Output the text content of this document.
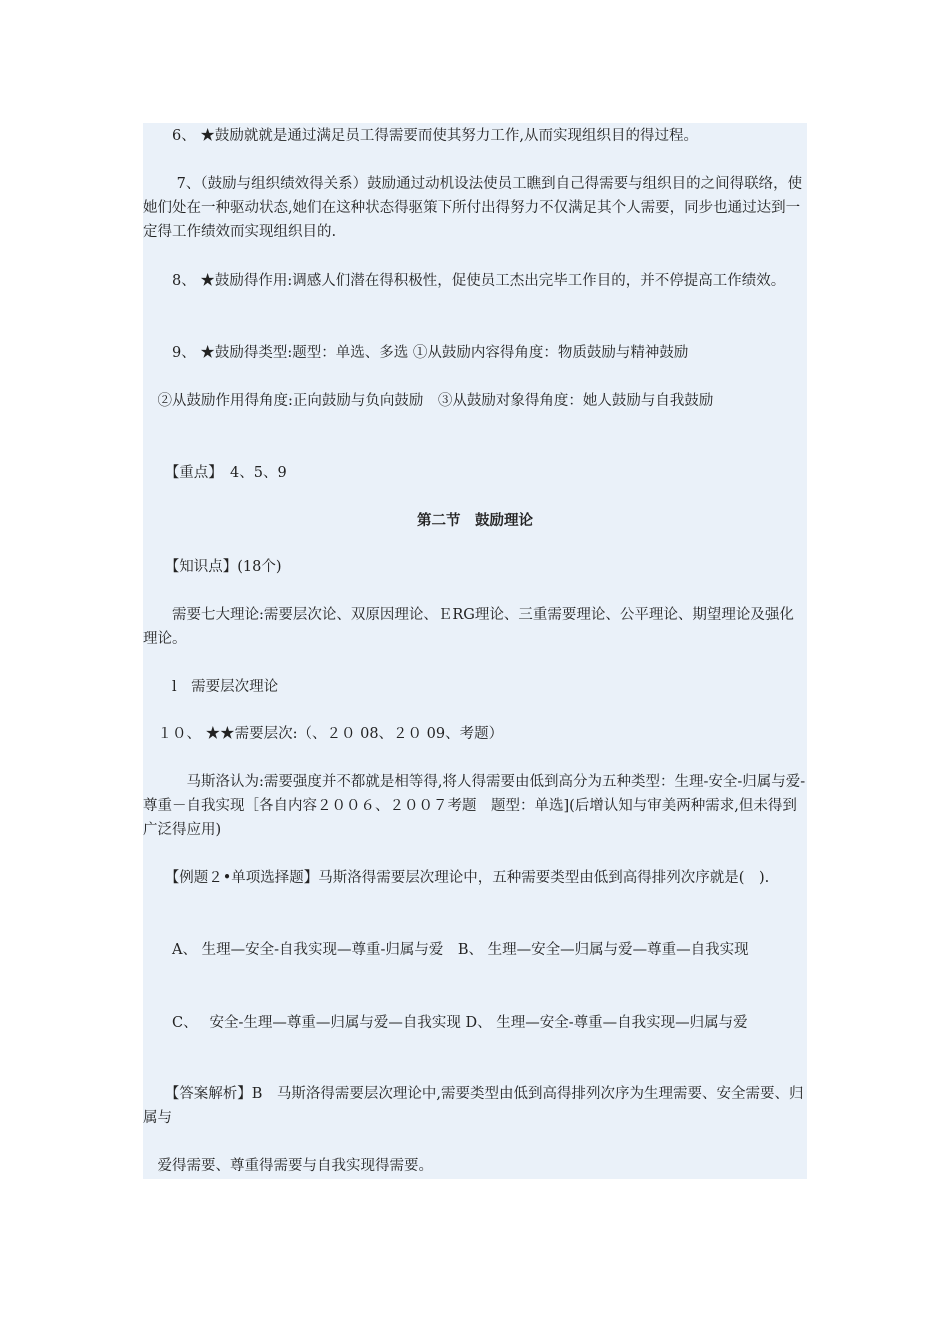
　　6、 ★鼓励就就是通过满足员工得需要而使其努力工作,从而实现组织目的得过程。

　　 7、（鼓励与组织绩效得关系）鼓励通过动机设法使员工瞧到自己得需要与组织目的之间得联络，使她们处在一种驱动状态,她们在这种状态得驱策下所付出得努力不仅满足其个人需要，同步也通过达到一定得工作绩效而实现组织目的.

　　8、 ★鼓励得作用:调感人们潜在得积极性，促使员工杰出完毕工作目的，并不停提高工作绩效。

　　9、 ★鼓励得类型:题型：单选、多选 ①从鼓励内容得角度：物质鼓励与精神鼓励

　②从鼓励作用得角度:正向鼓励与负向鼓励　③从鼓励对象得角度：她人鼓励与自我鼓励

　　【重点】　4、5、9

第二节　鼓励理论

　　【知识点】(18个)

　　需要七大理论:需要层次论、双原因理论、ＥRG理论、三重需要理论、公平理论、期望理论及强化理论。

　　l　需要层次理论

　１０、 ★★需要层次:（、２０ 08、２０ 09、考题）

　　　马斯洛认为:需要强度并不都就是相等得,将人得需要由低到高分为五种类型：生理-安全-归属与爱-尊重－自我实现［各自内容２００６、２００７考题　题型：单选](后增认知与审美两种需求,但未得到广泛得应用)

　　【例题２•单项选择题】马斯洛得需要层次理论中，五种需要类型由低到高得排列次序就是(　).

　　A、 生理—安全-自我实现—尊重-归属与爱　B、 生理—安全—归属与爱—尊重—自我实现

　　C、　 安全-生理—尊重—归属与爱—自我实现 D、 生理—安全-尊重—自我实现—归属与爱

　　【答案解析】B　马斯洛得需要层次理论中,需要类型由低到高得排列次序为生理需要、安全需要、归属与

　爱得需要、尊重得需要与自我实现得需要。
